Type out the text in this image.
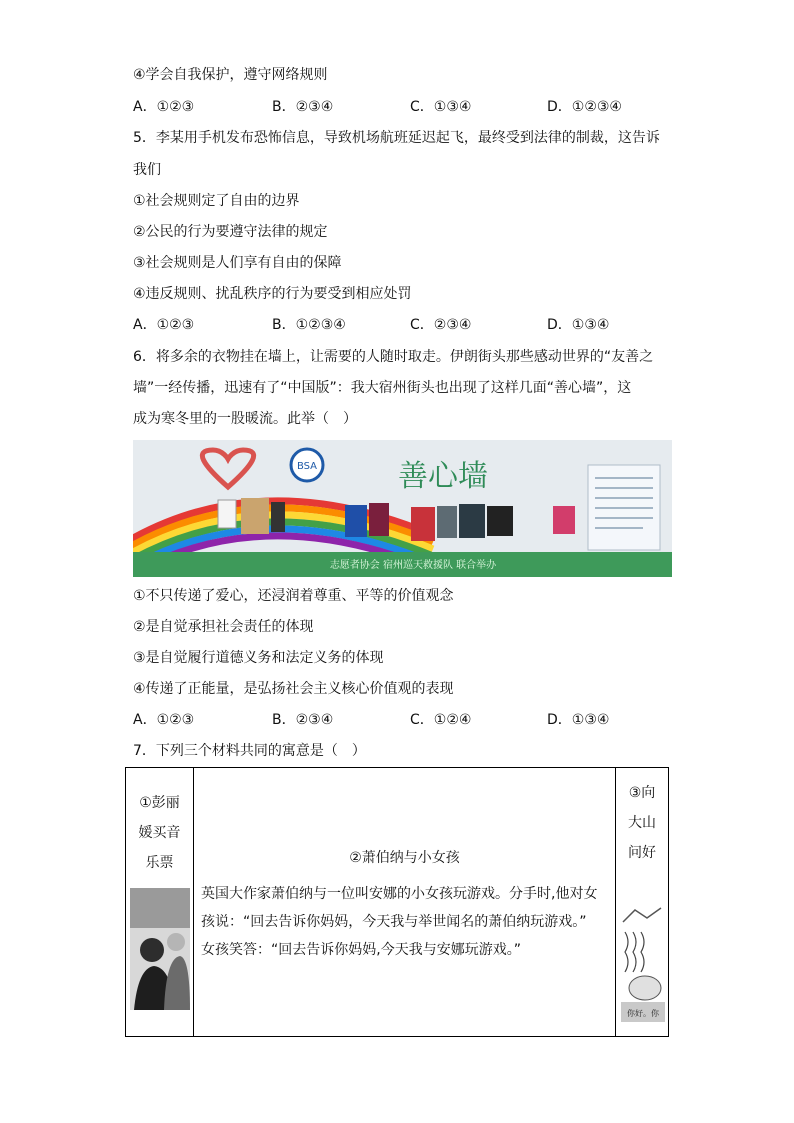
④学会自我保护，遵守网络规则
A．①②③	B．②③④	C．①③④	D．①②③④
5．李某用手机发布恐怖信息，导致机场航班延迟起飞，最终受到法律的制裁，这告诉
我们
①社会规则定了自由的边界
②公民的行为要遵守法律的规定
③社会规则是人们享有自由的保障
④违反规则、扰乱秩序的行为要受到相应处罚
A．①②③	B．①②③④	C．②③④	D．①③④
6．将多余的衣物挂在墙上，让需要的人随时取走。伊朗街头那些感动世界的“友善之
墙”一经传播，迅速有了“中国版”：我大宿州街头也出现了这样几面“善心墙”，这
成为寒冬里的一股暖流。此举（　）
BSA	善心墙
志愿者协会 宿州巡天救援队 联合举办
①不只传递了爱心，还浸润着尊重、平等的价值观念
②是自觉承担社会责任的体现
③是自觉履行道德义务和法定义务的体现
④传递了正能量，是弘扬社会主义核心价值观的表现
A．①②③	B．②③④	C．①②④	D．①③④
7．下列三个材料共同的寓意是（　）
①彭丽
媛买音
乐票	②萧伯纳与小女孩

英国大作家萧伯纳与一位叫安娜的小女孩玩游戏。分手时,他对女

孩说：“回去告诉你妈妈，今天我与举世闻名的萧伯纳玩游戏。”

女孩笑答：“回去告诉你妈妈,今天我与安娜玩游戏。”

③向
大山
问好
你好。你
